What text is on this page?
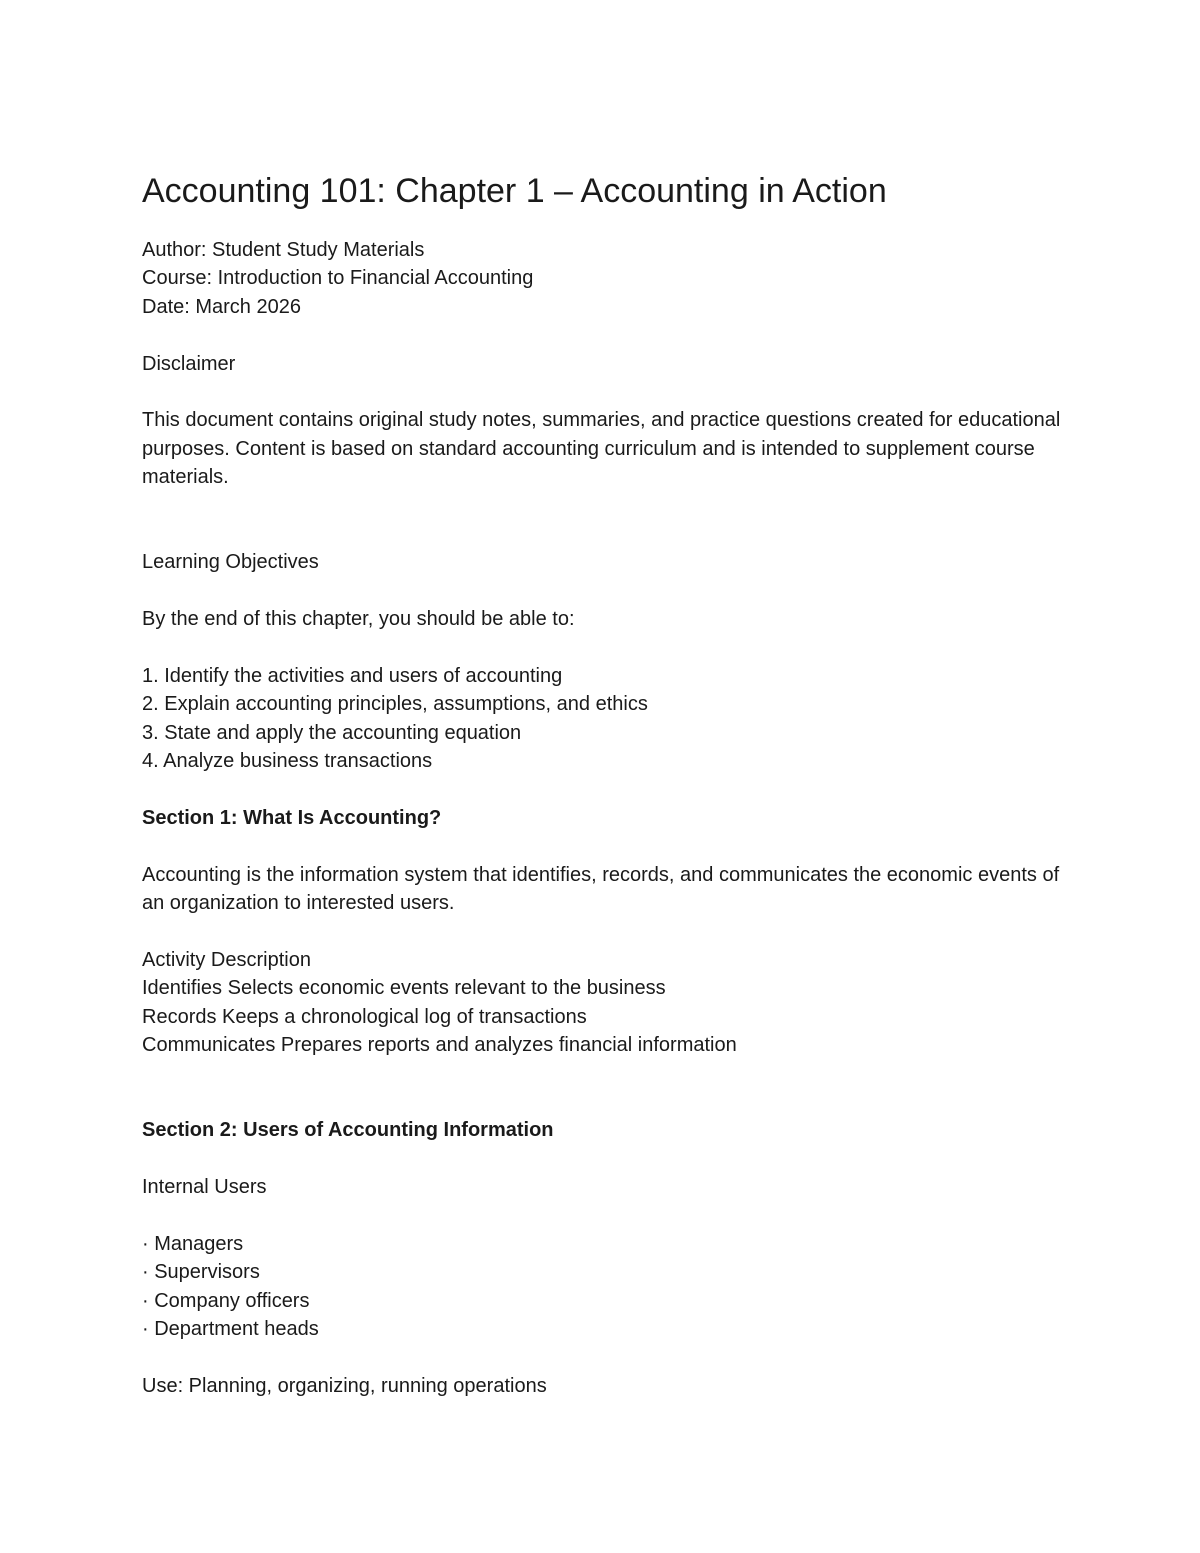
Accounting 101: Chapter 1 – Accounting in Action

Author: Student Study Materials

Course: Introduction to Financial Accounting

Date: March 2026

Disclaimer

This document contains original study notes, summaries, and practice questions created for educational purposes. Content is based on standard accounting curriculum and is intended to supplement course materials.

Learning Objectives

By the end of this chapter, you should be able to:

1. Identify the activities and users of accounting

2. Explain accounting principles, assumptions, and ethics

3. State and apply the accounting equation

4. Analyze business transactions

Section 1: What Is Accounting?

Accounting is the information system that identifies, records, and communicates the economic events of an organization to interested users.

Activity Description

Identifies Selects economic events relevant to the business

Records Keeps a chronological log of transactions

Communicates Prepares reports and analyzes financial information

Section 2: Users of Accounting Information

Internal Users

· Managers

· Supervisors

· Company officers

· Department heads

Use: Planning, organizing, running operations
